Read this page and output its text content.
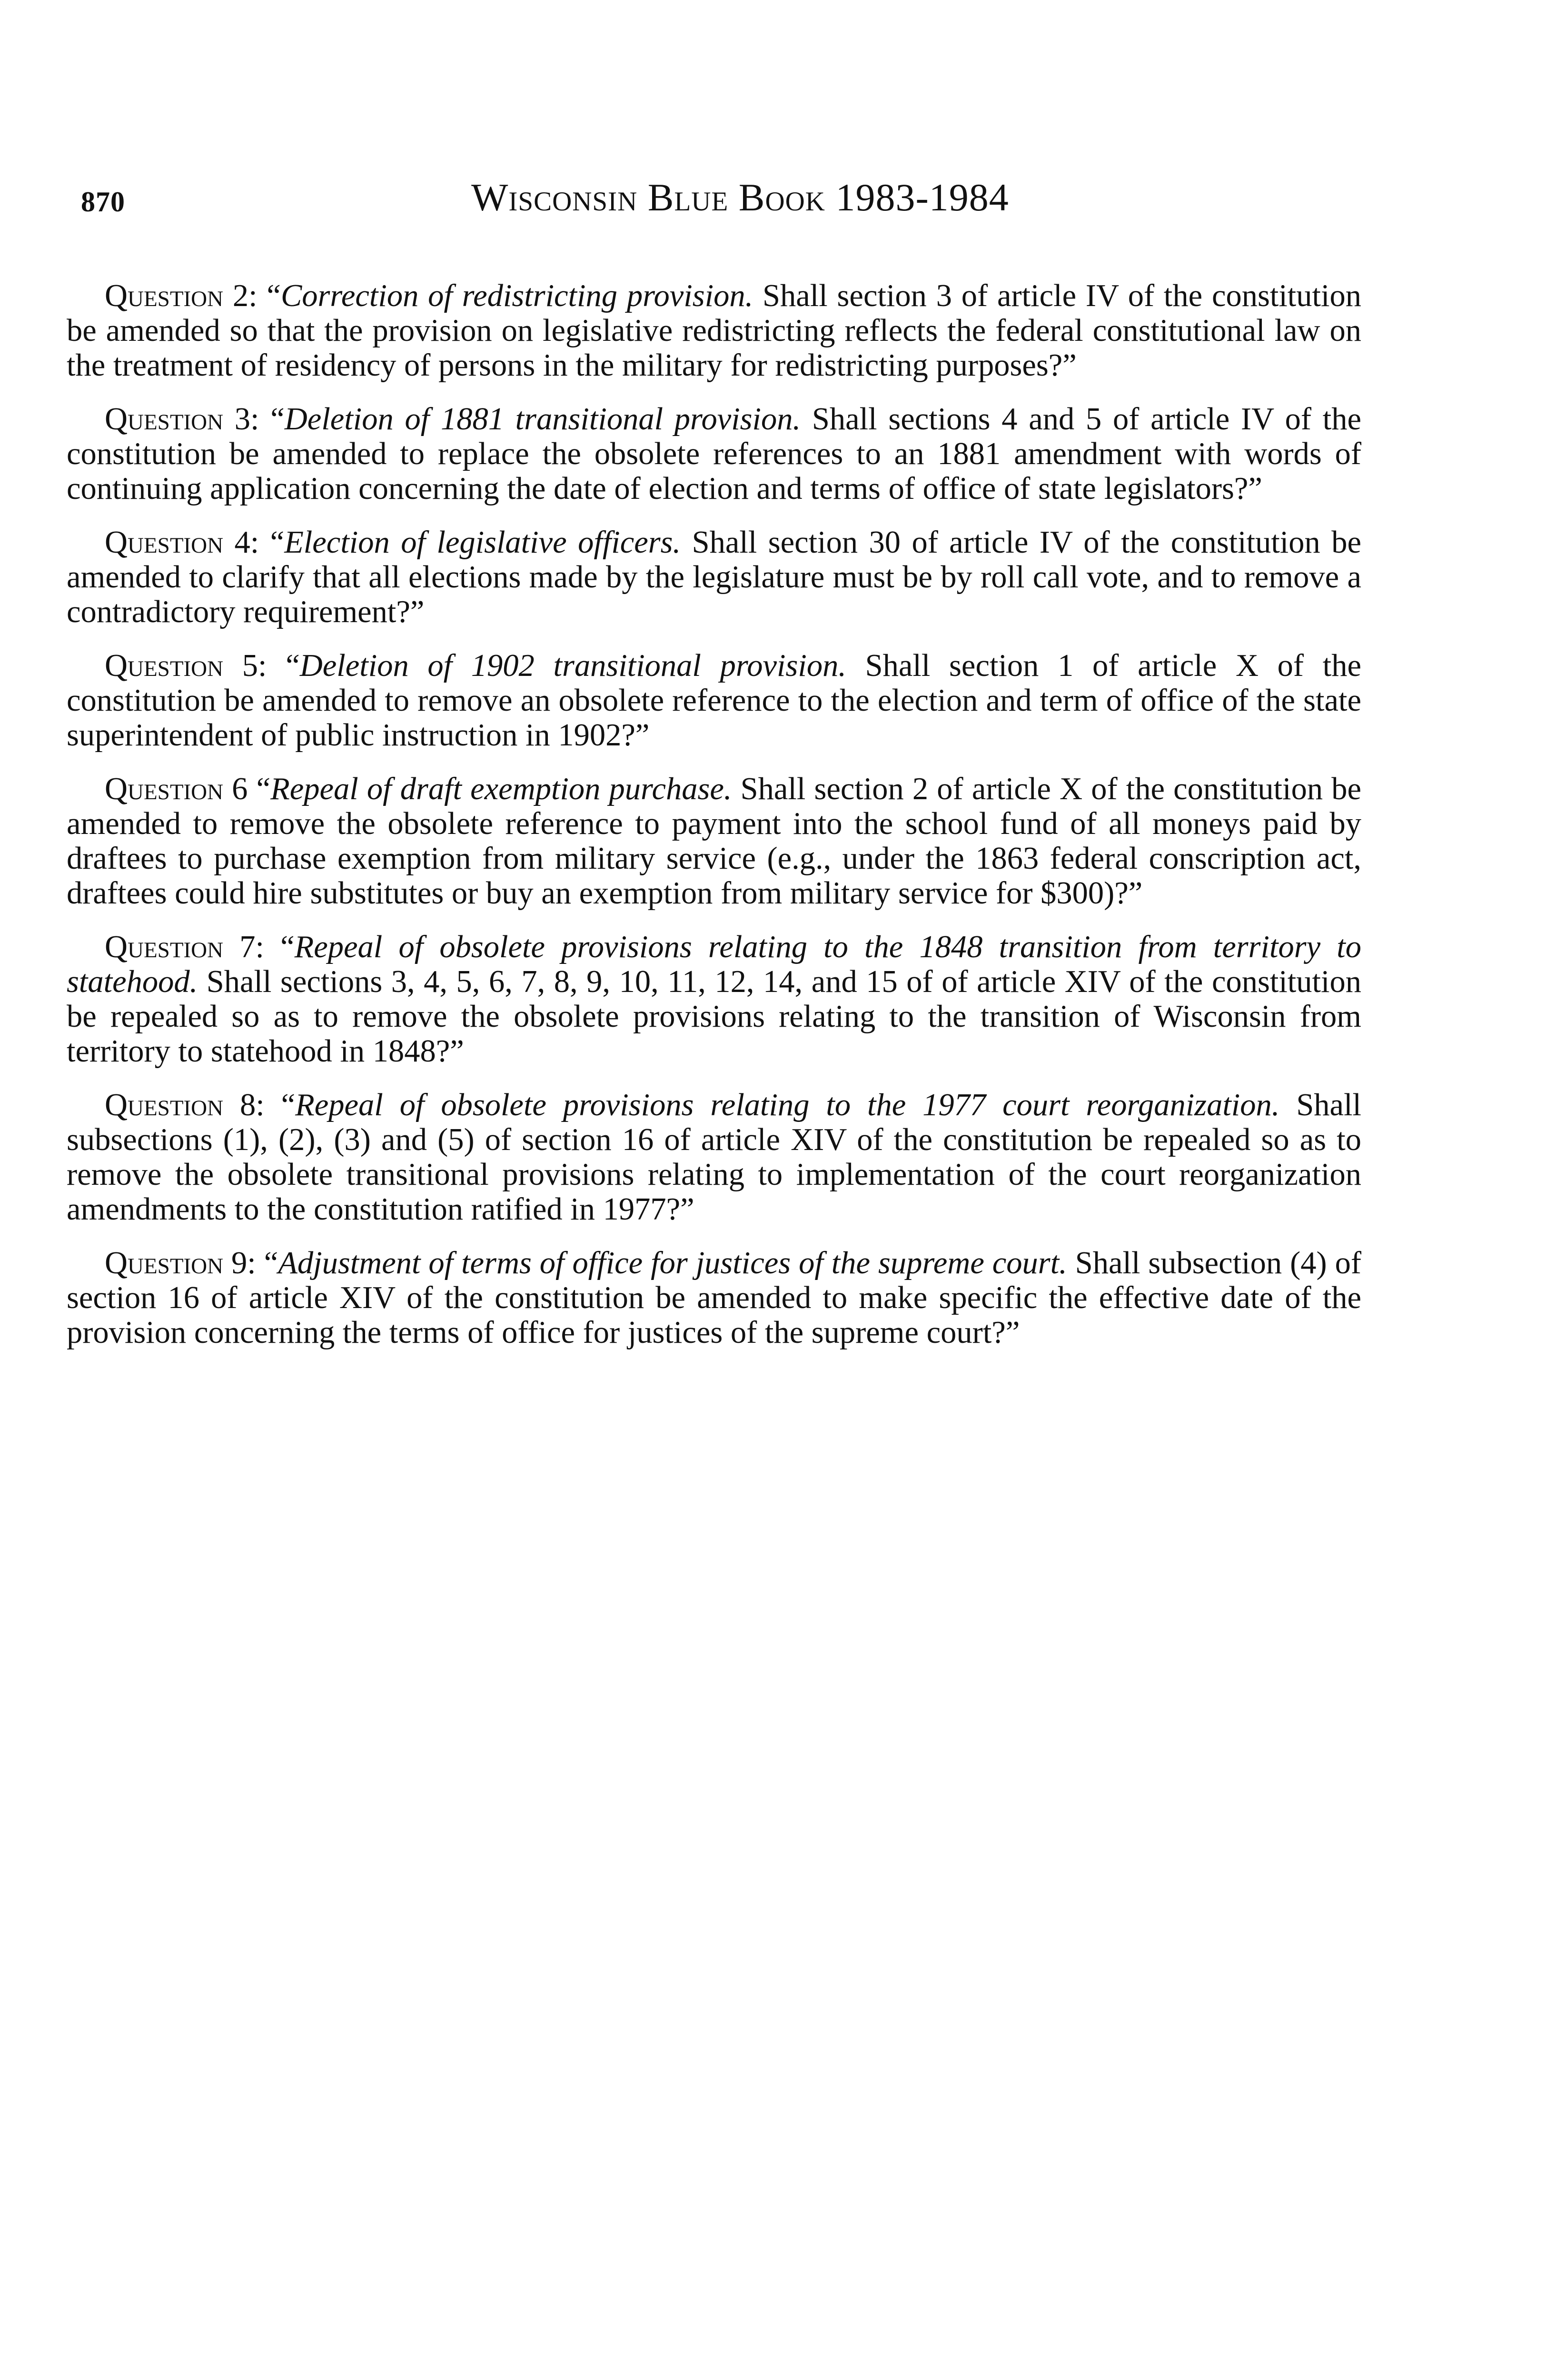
870	Wisconsin Blue Book 1983-1984

Question 2: “Correction of redistricting provision. Shall section 3 of article IV of the constitution be amended so that the provision on legislative redistricting reflects the federal constitutional law on the treatment of residency of persons in the military for redistricting purposes?”

Question 3: “Deletion of 1881 transitional provision. Shall sections 4 and 5 of article IV of the constitution be amended to replace the obsolete references to an 1881 amendment with words of continuing application concerning the date of election and terms of office of state legislators?”

Question 4: “Election of legislative officers. Shall section 30 of article IV of the constitution be amended to clarify that all elections made by the legislature must be by roll call vote, and to remove a contradictory requirement?”

Question 5: “Deletion of 1902 transitional provision. Shall section 1 of article X of the constitution be amended to remove an obsolete reference to the election and term of office of the state superintendent of public instruction in 1902?”

Question 6 “Repeal of draft exemption purchase. Shall section 2 of article X of the constitution be amended to remove the obsolete reference to payment into the school fund of all moneys paid by draftees to purchase exemption from military service (e.g., under the 1863 federal conscription act, draftees could hire substitutes or buy an exemption from military service for $300)?”

Question 7: “Repeal of obsolete provisions relating to the 1848 transition from territory to statehood. Shall sections 3, 4, 5, 6, 7, 8, 9, 10, 11, 12, 14, and 15 of of article XIV of the constitution be repealed so as to remove the obsolete provisions relating to the transition of Wisconsin from territory to statehood in 1848?”

Question 8: “Repeal of obsolete provisions relating to the 1977 court reorganization. Shall subsections (1), (2), (3) and (5) of section 16 of article XIV of the constitution be repealed so as to remove the obsolete transitional provisions relating to implementation of the court reorganization amendments to the constitution ratified in 1977?”

Question 9: “Adjustment of terms of office for justices of the supreme court. Shall subsection (4) of section 16 of article XIV of the constitution be amended to make specific the effective date of the provision concerning the terms of office for justices of the supreme court?”
